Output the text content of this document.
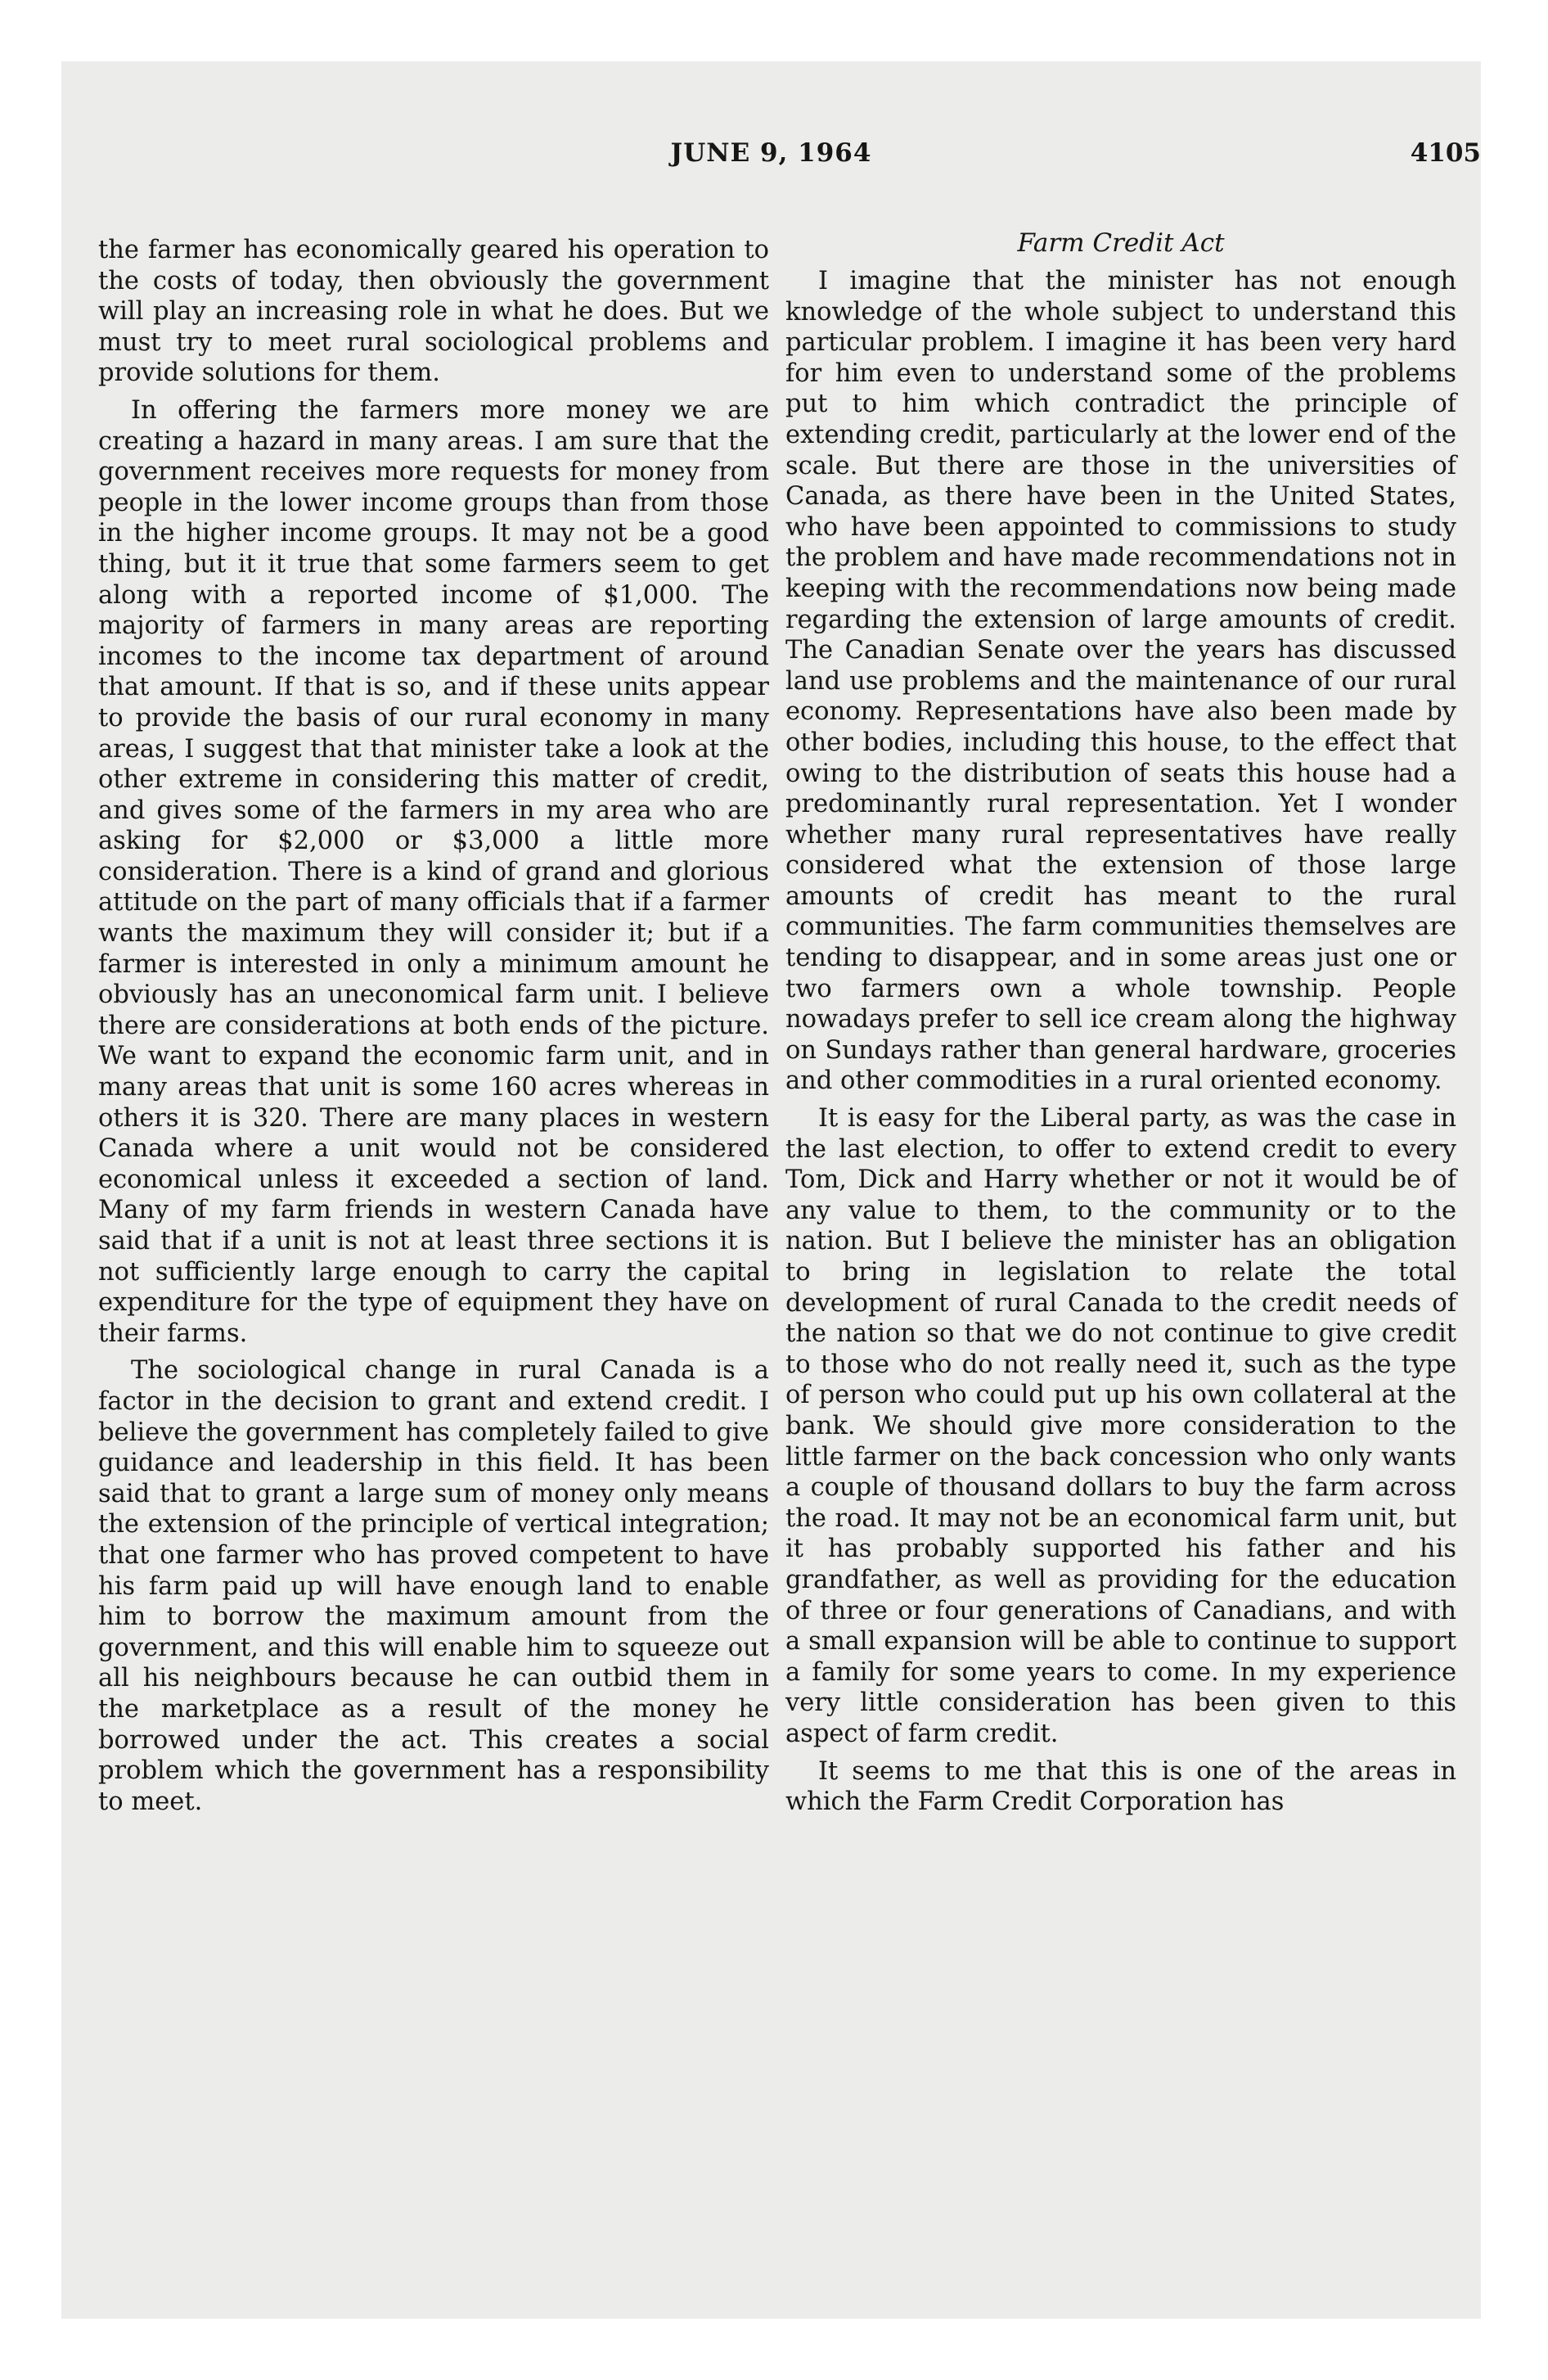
JUNE 9, 1964	4105

the farmer has economically geared his operation to the costs of today, then obviously the government will play an increasing role in what he does. But we must try to meet rural sociological problems and provide solutions for them.

In offering the farmers more money we are creating a hazard in many areas. I am sure that the government receives more requests for money from people in the lower income groups than from those in the higher income groups. It may not be a good thing, but it it true that some farmers seem to get along with a reported income of $1,000. The majority of farmers in many areas are reporting incomes to the income tax department of around that amount. If that is so, and if these units appear to provide the basis of our rural economy in many areas, I suggest that that minister take a look at the other extreme in considering this matter of credit, and gives some of the farmers in my area who are asking for $2,000 or $3,000 a little more consideration. There is a kind of grand and glorious attitude on the part of many officials that if a farmer wants the maximum they will consider it; but if a farmer is interested in only a minimum amount he obviously has an uneconomical farm unit. I believe there are considerations at both ends of the picture. We want to expand the economic farm unit, and in many areas that unit is some 160 acres whereas in others it is 320. There are many places in western Canada where a unit would not be considered economical unless it exceeded a section of land. Many of my farm friends in western Canada have said that if a unit is not at least three sections it is not sufficiently large enough to carry the capital expenditure for the type of equipment they have on their farms.

The sociological change in rural Canada is a factor in the decision to grant and extend credit. I believe the government has completely failed to give guidance and leadership in this field. It has been said that to grant a large sum of money only means the extension of the principle of vertical integration; that one farmer who has proved competent to have his farm paid up will have enough land to enable him to borrow the maximum amount from the government, and this will enable him to squeeze out all his neighbours because he can outbid them in the marketplace as a result of the money he borrowed under the act. This creates a social problem which the government has a responsibility to meet.

Farm Credit Act

I imagine that the minister has not enough knowledge of the whole subject to understand this particular problem. I imagine it has been very hard for him even to understand some of the problems put to him which contradict the principle of extending credit, particularly at the lower end of the scale. But there are those in the universities of Canada, as there have been in the United States, who have been appointed to commissions to study the problem and have made recommendations not in keeping with the recommendations now being made regarding the extension of large amounts of credit. The Canadian Senate over the years has discussed land use problems and the maintenance of our rural economy. Representations have also been made by other bodies, including this house, to the effect that owing to the distribution of seats this house had a predominantly rural representation. Yet I wonder whether many rural representatives have really considered what the extension of those large amounts of credit has meant to the rural communities. The farm communities themselves are tending to disappear, and in some areas just one or two farmers own a whole township. People nowadays prefer to sell ice cream along the highway on Sundays rather than general hardware, groceries and other commodities in a rural oriented economy.

It is easy for the Liberal party, as was the case in the last election, to offer to extend credit to every Tom, Dick and Harry whether or not it would be of any value to them, to the community or to the nation. But I believe the minister has an obligation to bring in legislation to relate the total development of rural Canada to the credit needs of the nation so that we do not continue to give credit to those who do not really need it, such as the type of person who could put up his own collateral at the bank. We should give more consideration to the little farmer on the back concession who only wants a couple of thousand dollars to buy the farm across the road. It may not be an economical farm unit, but it has probably supported his father and his grandfather, as well as providing for the education of three or four generations of Canadians, and with a small expansion will be able to continue to support a family for some years to come. In my experience very little consideration has been given to this aspect of farm credit.

It seems to me that this is one of the areas in which the Farm Credit Corporation has
